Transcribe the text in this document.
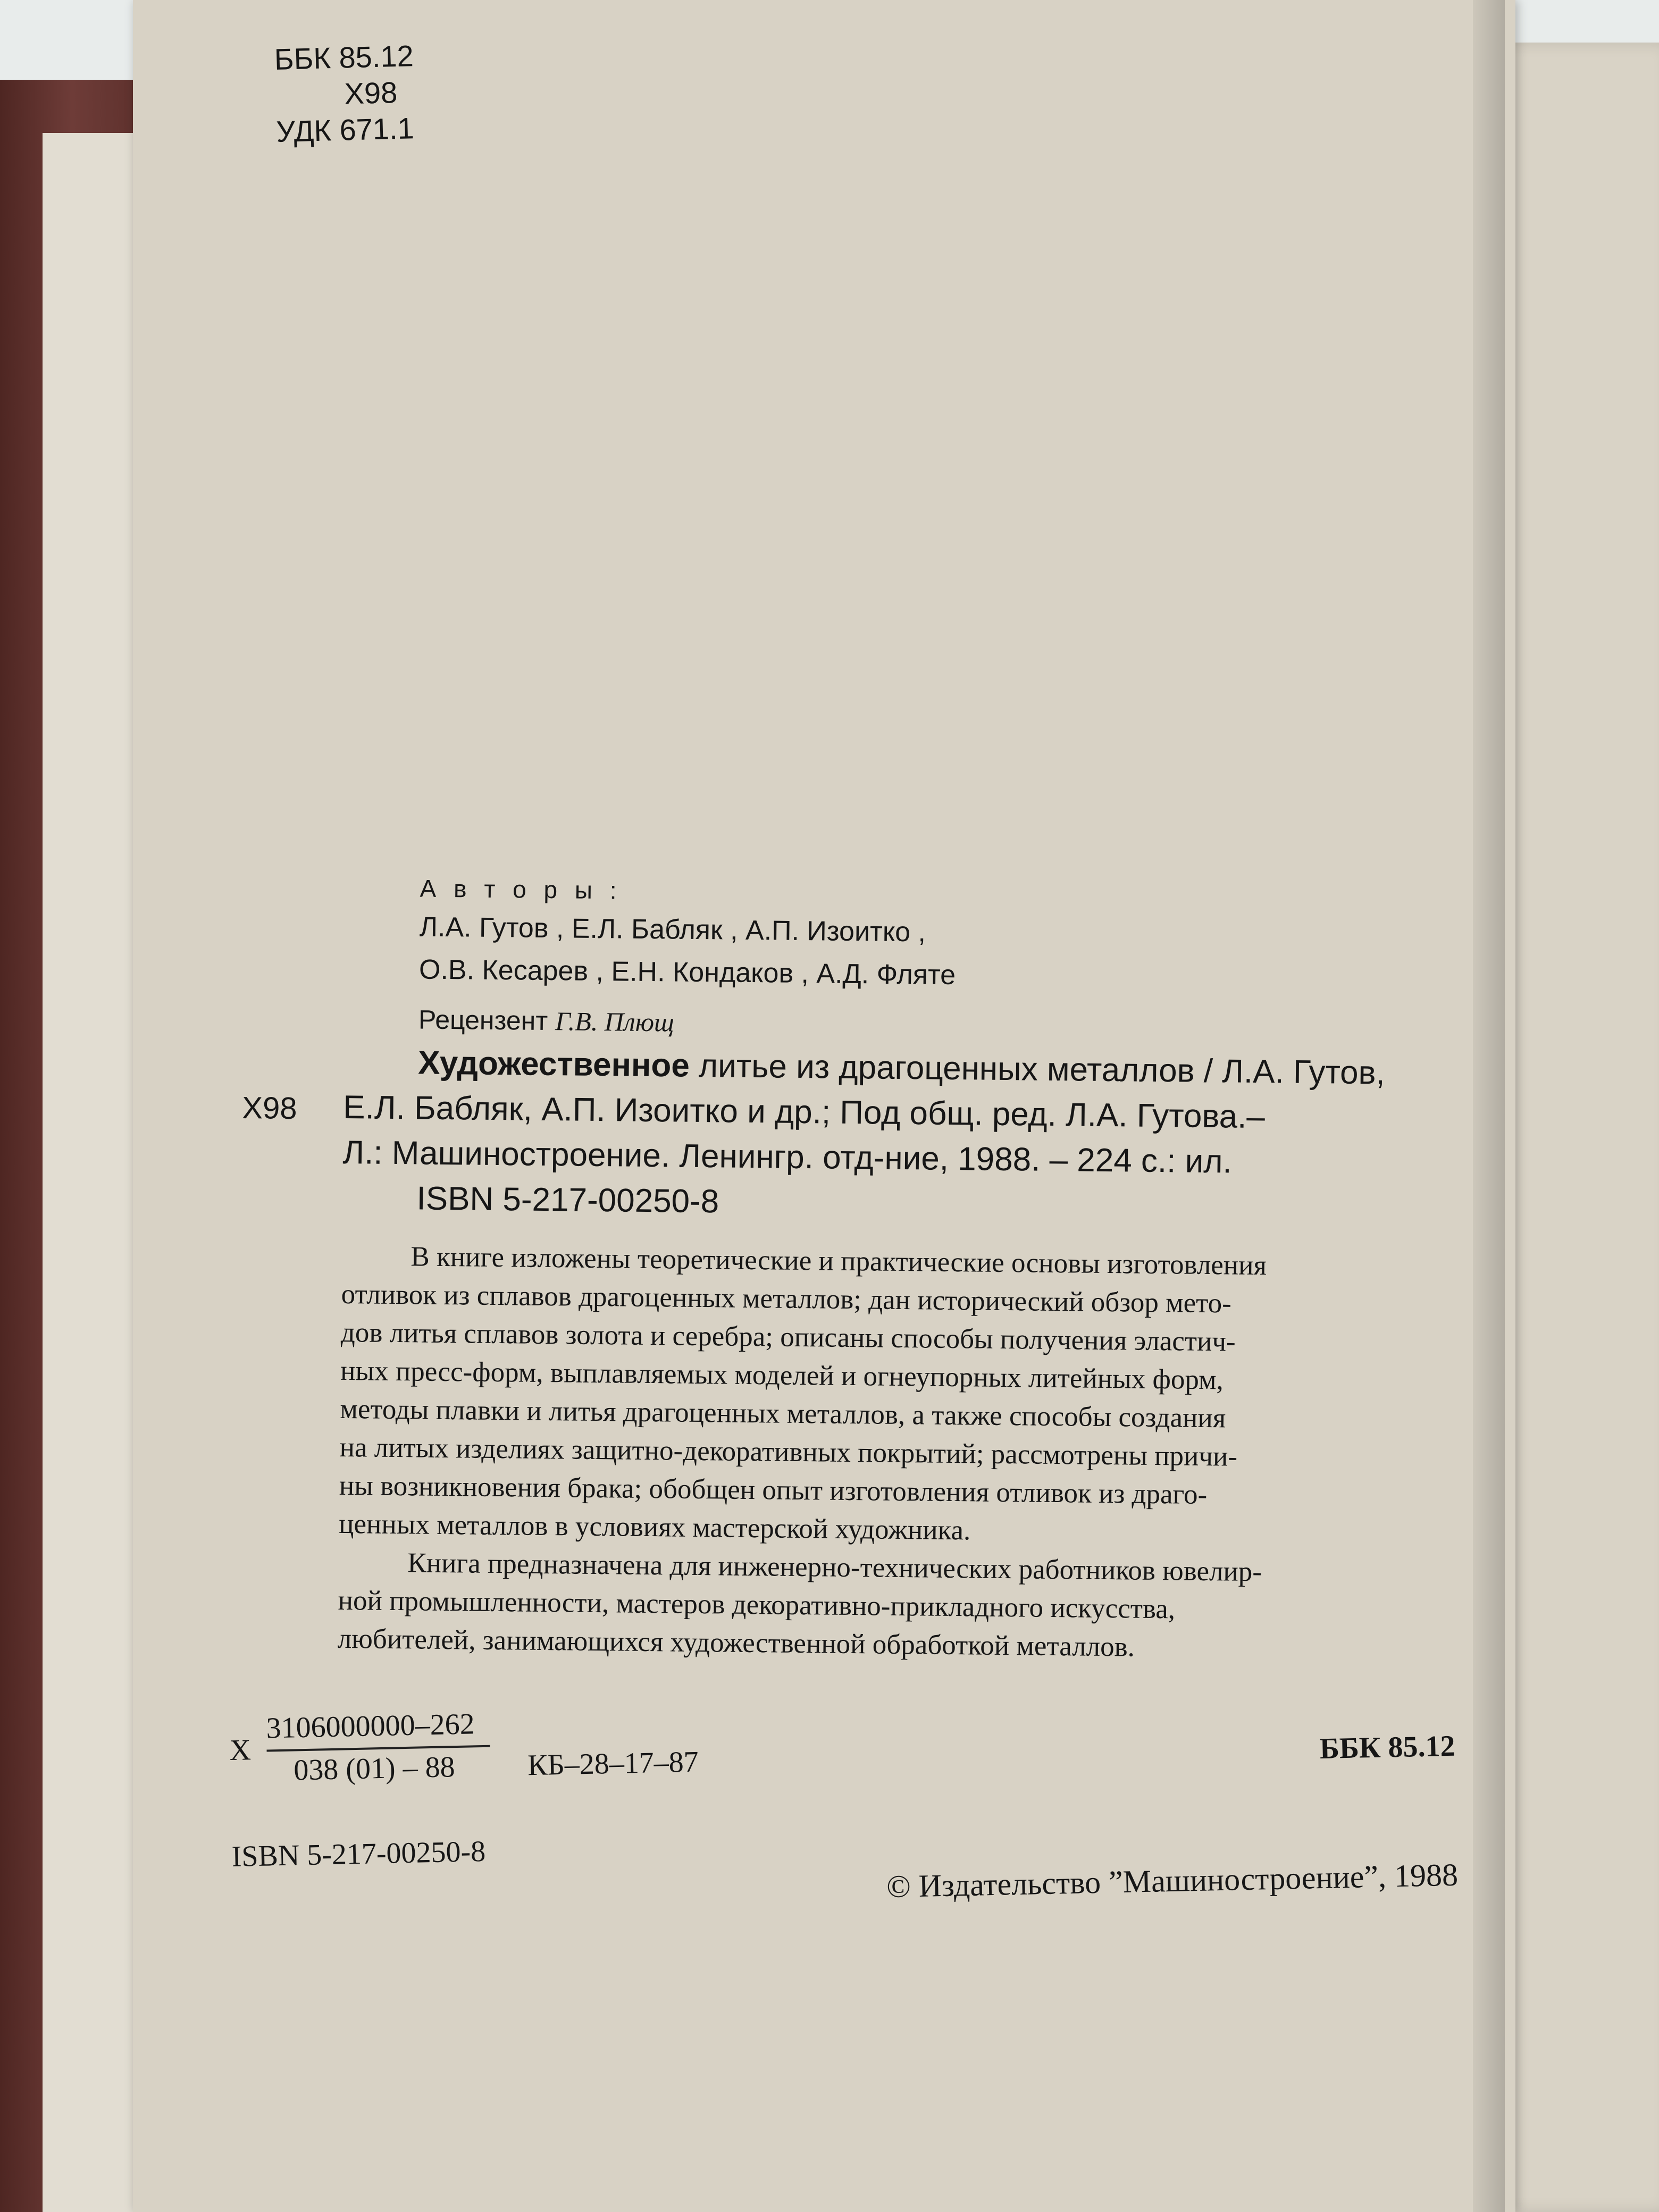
ББК 85.12
Х98
УДК 671.1

А в т о р ы :

Л.А. Гутов , Е.Л. Бабляк , А.П. Изоитко ,

О.В. Кесарев , Е.Н. Кондаков , А.Д. Фляте

Рецензент Г.В. Плющ

Художественное литье из драгоценных металлов / Л.А. Гутов,

Х98 Е.Л. Бабляк, А.П. Изоитко и др.; Под общ. ред. Л.А. Гутова.–

Л.: Машиностроение. Ленингр. отд-ние, 1988. – 224 с.: ил.

ISBN 5-217-00250-8

В книге изложены теоретические и практические основы изготовления

отливок из сплавов драгоценных металлов; дан исторический обзор мето-

дов литья сплавов золота и серебра; описаны способы получения эластич-

ных пресс-форм, выплавляемых моделей и огнеупорных литейных форм,

методы плавки и литья драгоценных металлов, а также способы создания

на литых изделиях защитно-декоративных покрытий; рассмотрены причи-

ны возникновения брака; обобщен опыт изготовления отливок из драго-

ценных металлов в условиях мастерской художника.

Книга предназначена для инженерно-технических работников ювелир-

ной промышленности, мастеров декоративно-прикладного искусства,

любителей, занимающихся художественной обработкой металлов.

Х

3106000000–262

038 (01) – 88 КБ–28–17–87	ББК 85.12

ISBN 5-217-00250-8

© Издательство ”Машиностроение”, 1988
